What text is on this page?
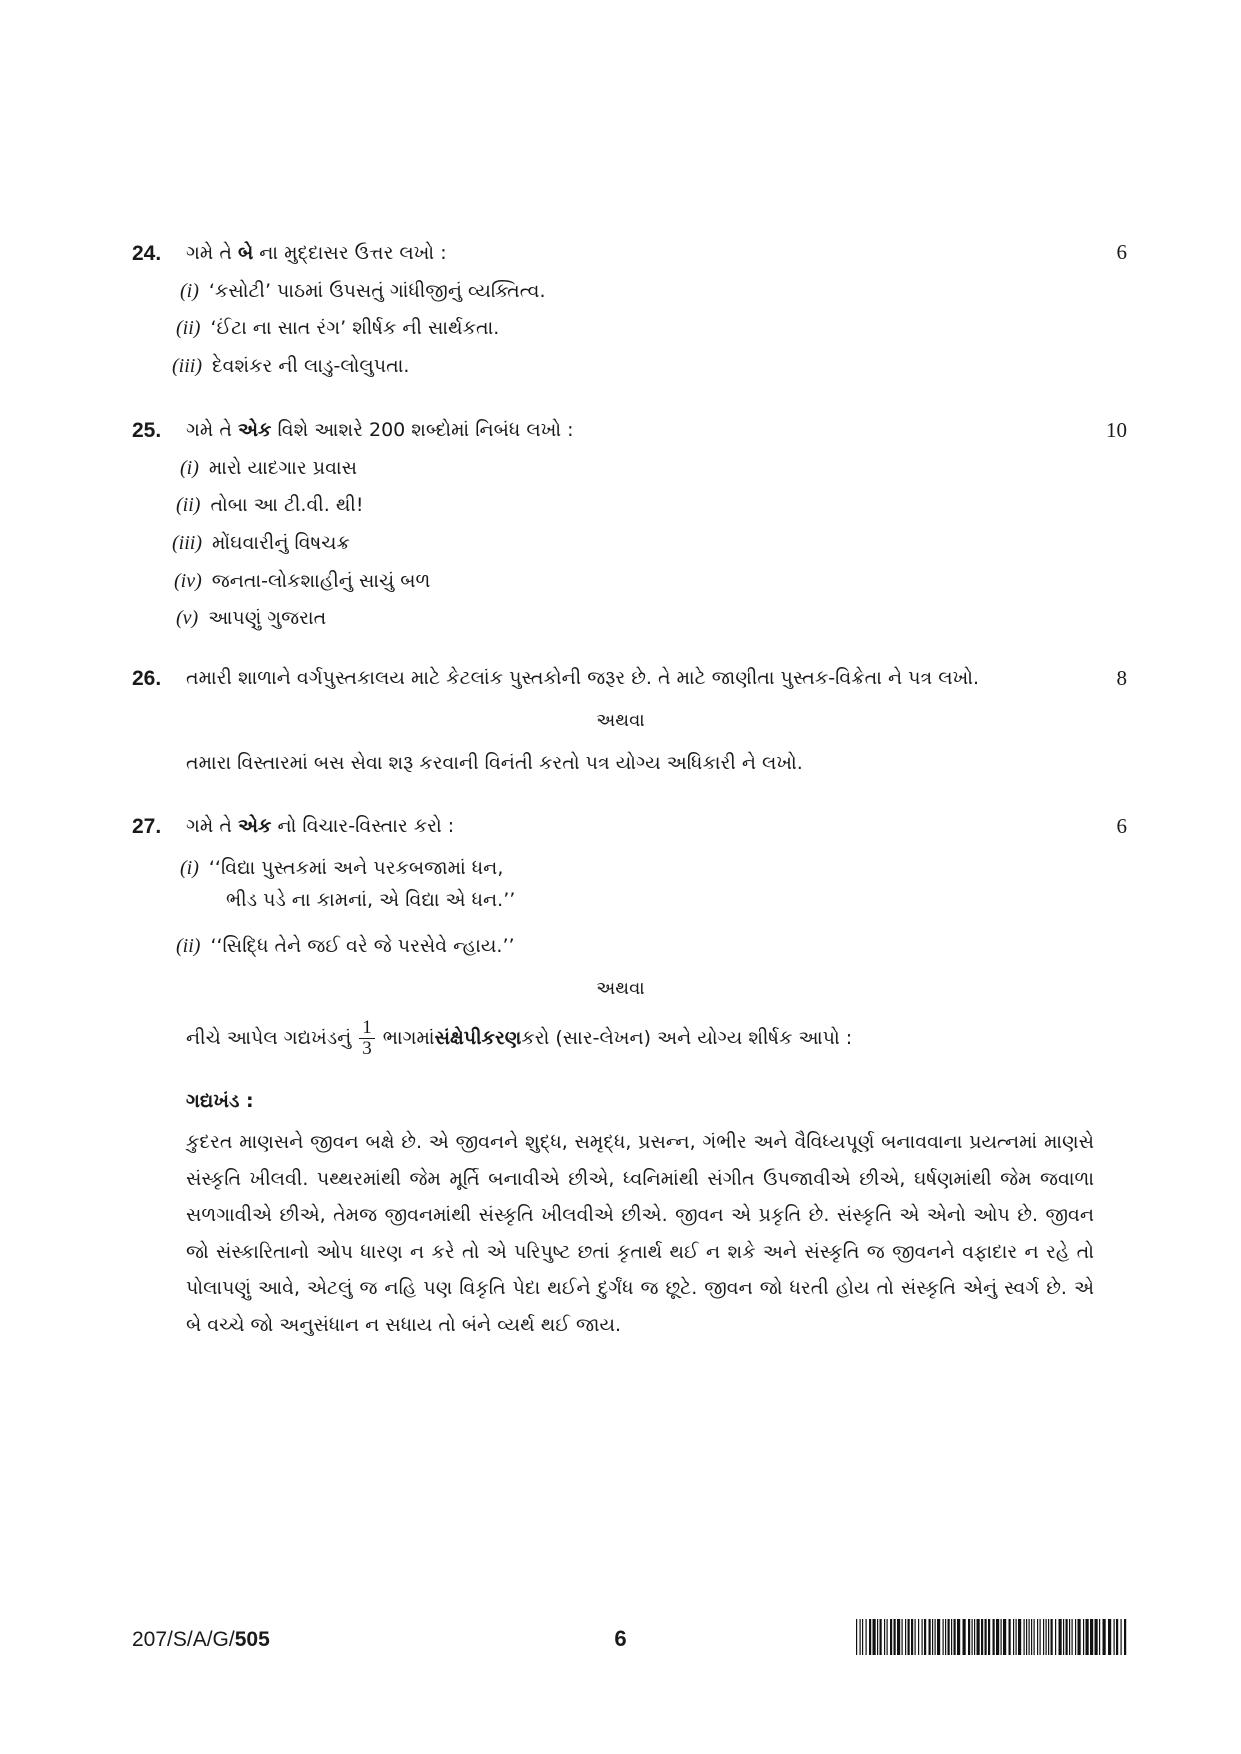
24. ગમે તે બે ના મુદ્દાસર ઉત્તર લખો :	6
(i) ‘કસોટી’ પાઠમાં ઉપસતું ગાંધીજીનું વ્યક્તિત્વ.
(ii) ‘ઈંટા ના સાત રંગ’ શીર્ષક ની સાર્થકતા.
(iii) દેવશંકર ની લાડુ-લોલુપતા.
25. ગમે તે એક વિશે આશરે 200 શબ્દોમાં નિબંધ લખો :	10
(i) મારો યાદગાર પ્રવાસ
(ii) તોબા આ ટી.વી. થી!
(iii) મોંઘવારીનું વિષચક્ર
(iv) જનતા-લોકશાહીનું સાચું બળ
(v) આપણું ગુજરાત
26. તમારી શાળાને વર્ગપુસ્તકાલય માટે કેટલાંક પુસ્તકોની જરૂર છે. તે માટે જાણીતા પુસ્તક-વિક્રેતા ને પત્ર લખો.	8
અથવા
તમારા વિસ્તારમાં બસ સેવા શરૂ કરવાની વિનંતી કરતો પત્ર યોગ્ય અધિકારી ને લખો.
27. ગમે તે એક નો વિચાર-વિસ્તાર કરો :	6
(i) ‘‘વિદ્યા પુસ્તકમાં અને પરકબજામાં ધન,
ભીડ પડે ના કામનાં, એ વિદ્યા એ ધન.’’
(ii) ‘‘સિદ્ધિ તેને જઈ વરે જે પરસેવે ન્હાય.’’
અથવા
નીચે આપેલ ગદ્યખંડનું $\frac{1}{3}$ ભાગમાં સંક્ષેપીકરણ કરો (સાર-લેખન) અને યોગ્ય શીર્ષક આપો :
ગદ્યખંડ :

કુદરત માણસને જીવન બક્ષે છે. એ જીવનને શુદ્ધ, સમૃદ્ધ, પ્રસન્ન, ગંભીર અને વૈવિધ્યપૂર્ણ બનાવવાના પ્રયત્નમાં માણસે સંસ્કૃતિ ખીલવી. પથ્થરમાંથી જેમ મૂર્તિ બનાવીએ છીએ, ધ્વનિમાંથી સંગીત ઉપજાવીએ છીએ, ઘર્ષણમાંથી જેમ જવાળા સળગાવીએ છીએ, તેમજ જીવનમાંથી સંસ્કૃતિ ખીલવીએ છીએ. જીવન એ પ્રકૃતિ છે. સંસ્કૃતિ એ એનો ઓપ છે. જીવન જો સંસ્કારિતાનો ઓપ ધારણ ન કરે તો એ પરિપુષ્ટ છતાં કૃતાર્થ થઈ ન શકે અને સંસ્કૃતિ જ જીવનને વફાદાર ન રહે તો પોલાપણું આવે, એટલું જ નહિ પણ વિકૃતિ પેદા થઈને દુર્ગંધ જ છૂટે. જીવન જો ધરતી હોય તો સંસ્કૃતિ એનું સ્વર્ગ છે. એ બે વચ્ચે જો અનુસંધાન ન સધાય તો બંને વ્યર્થ થઈ જાય.

207/S/A/G/505	6
